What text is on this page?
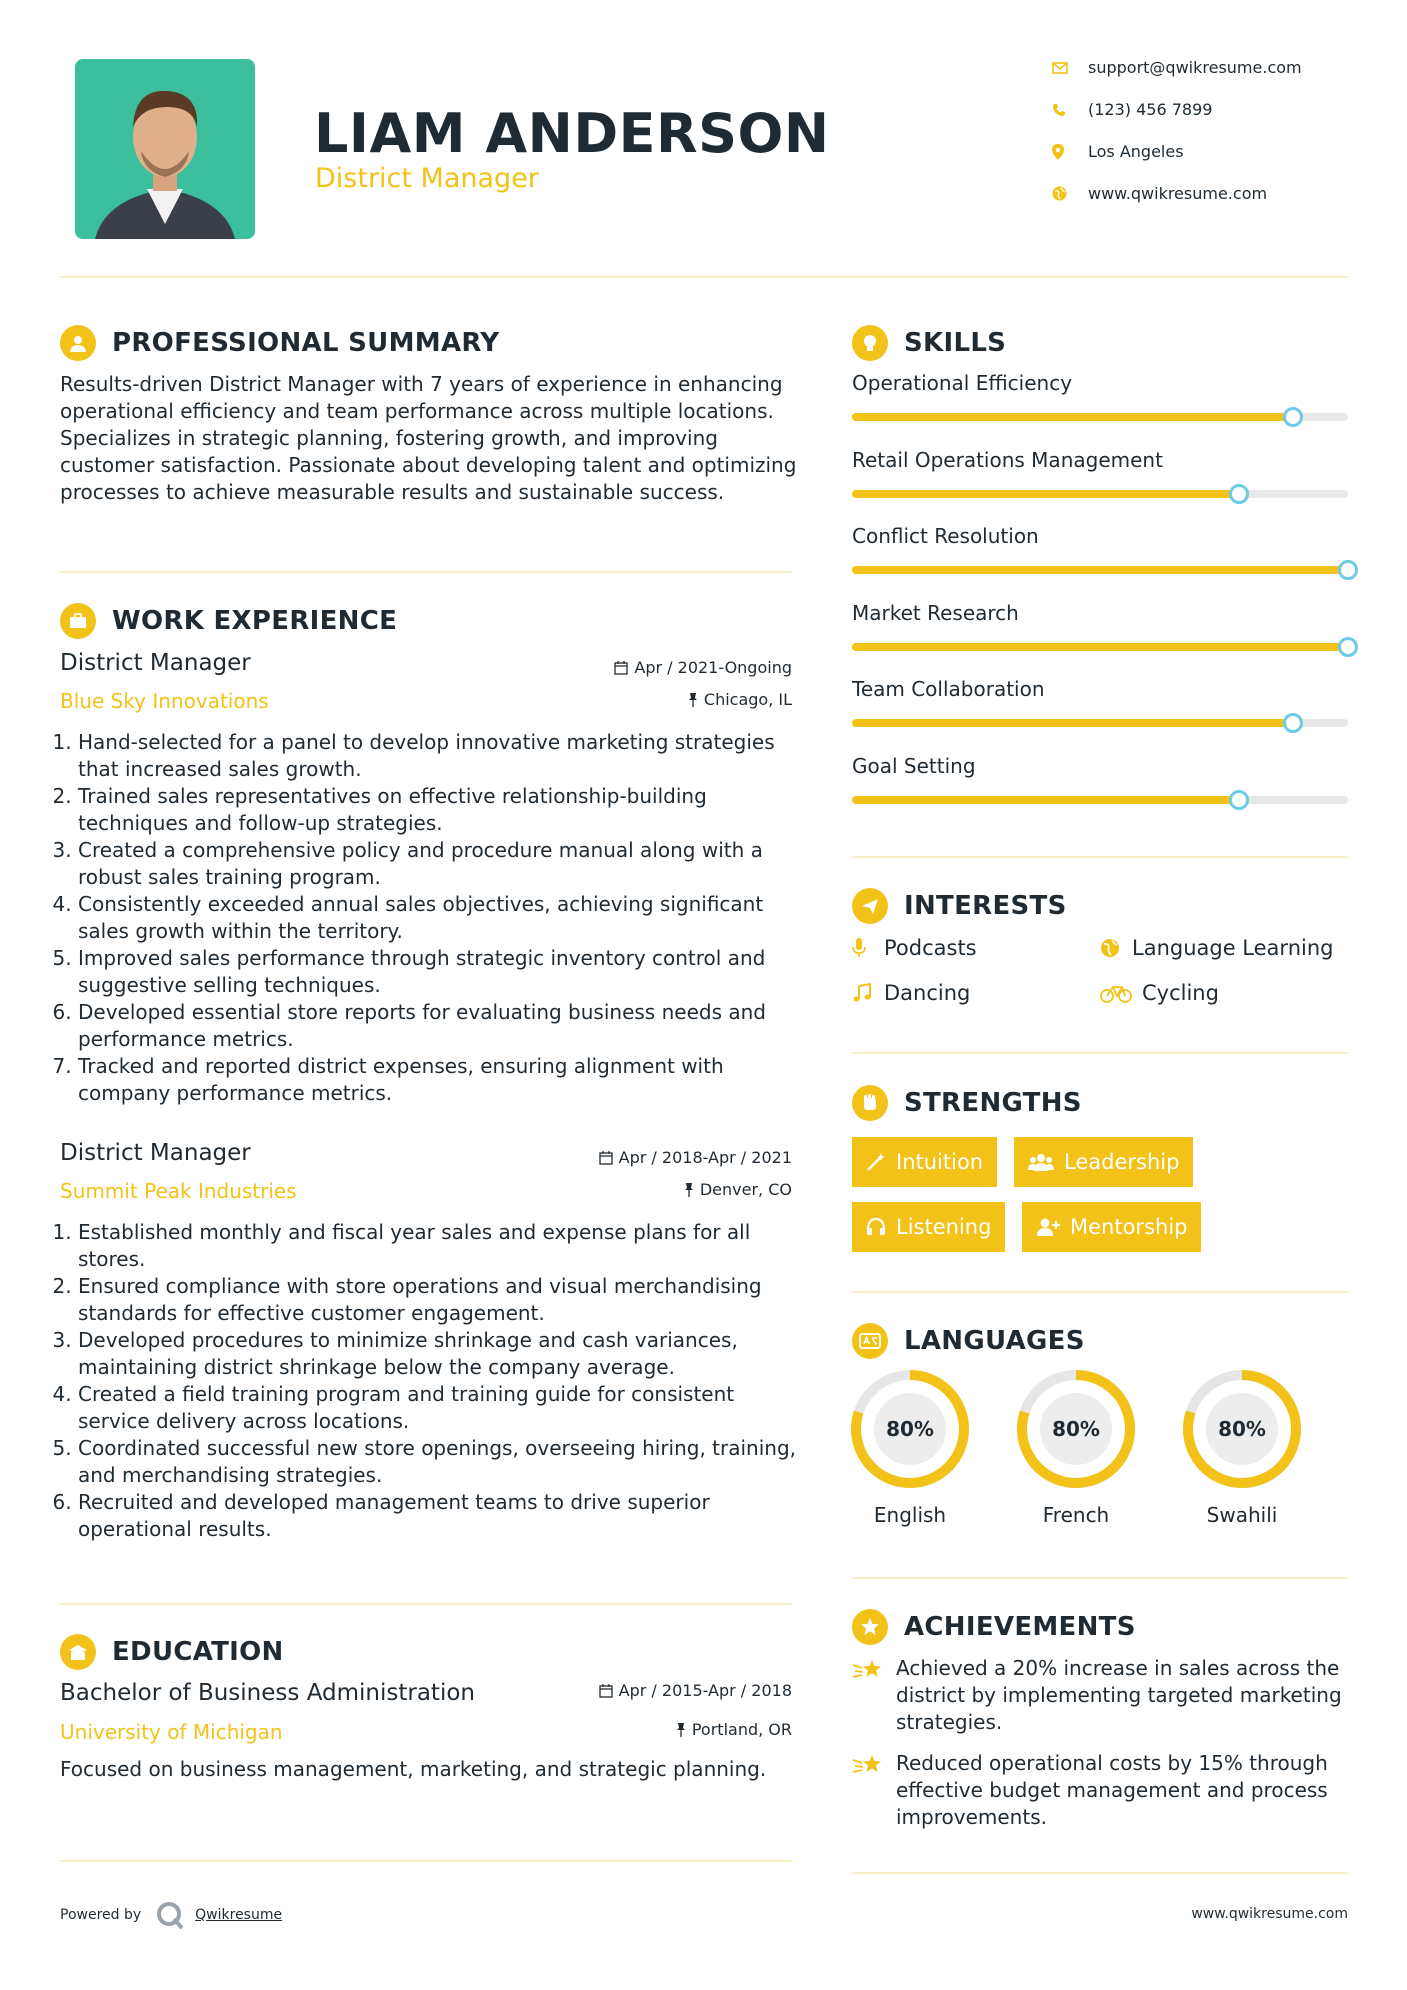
LIAM ANDERSON
District Manager
support@qwikresume.com
(123) 456 7899
Los Angeles
www.qwikresume.com
PROFESSIONAL SUMMARY
Results-driven District Manager with 7 years of experience in enhancing operational efficiency and team performance across multiple locations. Specializes in strategic planning, fostering growth, and improving customer satisfaction. Passionate about developing talent and optimizing processes to achieve measurable results and sustainable success.
WORK EXPERIENCE
District Manager	Apr / 2021-Ongoing
Blue Sky Innovations	Chicago, IL
1. Hand-selected for a panel to develop innovative marketing strategies that increased sales growth.
2. Trained sales representatives on effective relationship-building techniques and follow-up strategies.
3. Created a comprehensive policy and procedure manual along with a robust sales training program.
4. Consistently exceeded annual sales objectives, achieving significant sales growth within the territory.
5. Improved sales performance through strategic inventory control and suggestive selling techniques.
6. Developed essential store reports for evaluating business needs and performance metrics.
7. Tracked and reported district expenses, ensuring alignment with company performance metrics.
District Manager	Apr / 2018-Apr / 2021
Summit Peak Industries	Denver, CO
1. Established monthly and fiscal year sales and expense plans for all stores.
2. Ensured compliance with store operations and visual merchandising standards for effective customer engagement.
3. Developed procedures to minimize shrinkage and cash variances, maintaining district shrinkage below the company average.
4. Created a field training program and training guide for consistent service delivery across locations.
5. Coordinated successful new store openings, overseeing hiring, training, and merchandising strategies.
6. Recruited and developed management teams to drive superior operational results.
EDUCATION
Bachelor of Business Administration	Apr / 2015-Apr / 2018
University of Michigan	Portland, OR
Focused on business management, marketing, and strategic planning.
SKILLS
Operational Efficiency
Retail Operations Management
Conflict Resolution
Market Research
Team Collaboration
Goal Setting
INTERESTS
Podcasts	Language Learning
Dancing	Cycling
STRENGTHS
Intuition	Leadership
Listening	Mentorship
LANGUAGES
80%
English
80%
French
80%
Swahili
ACHIEVEMENTS
Achieved a 20% increase in sales across the district by implementing targeted marketing strategies.
Reduced operational costs by 15% through effective budget management and process improvements.
Powered by	Qwikresume	www.qwikresume.com
